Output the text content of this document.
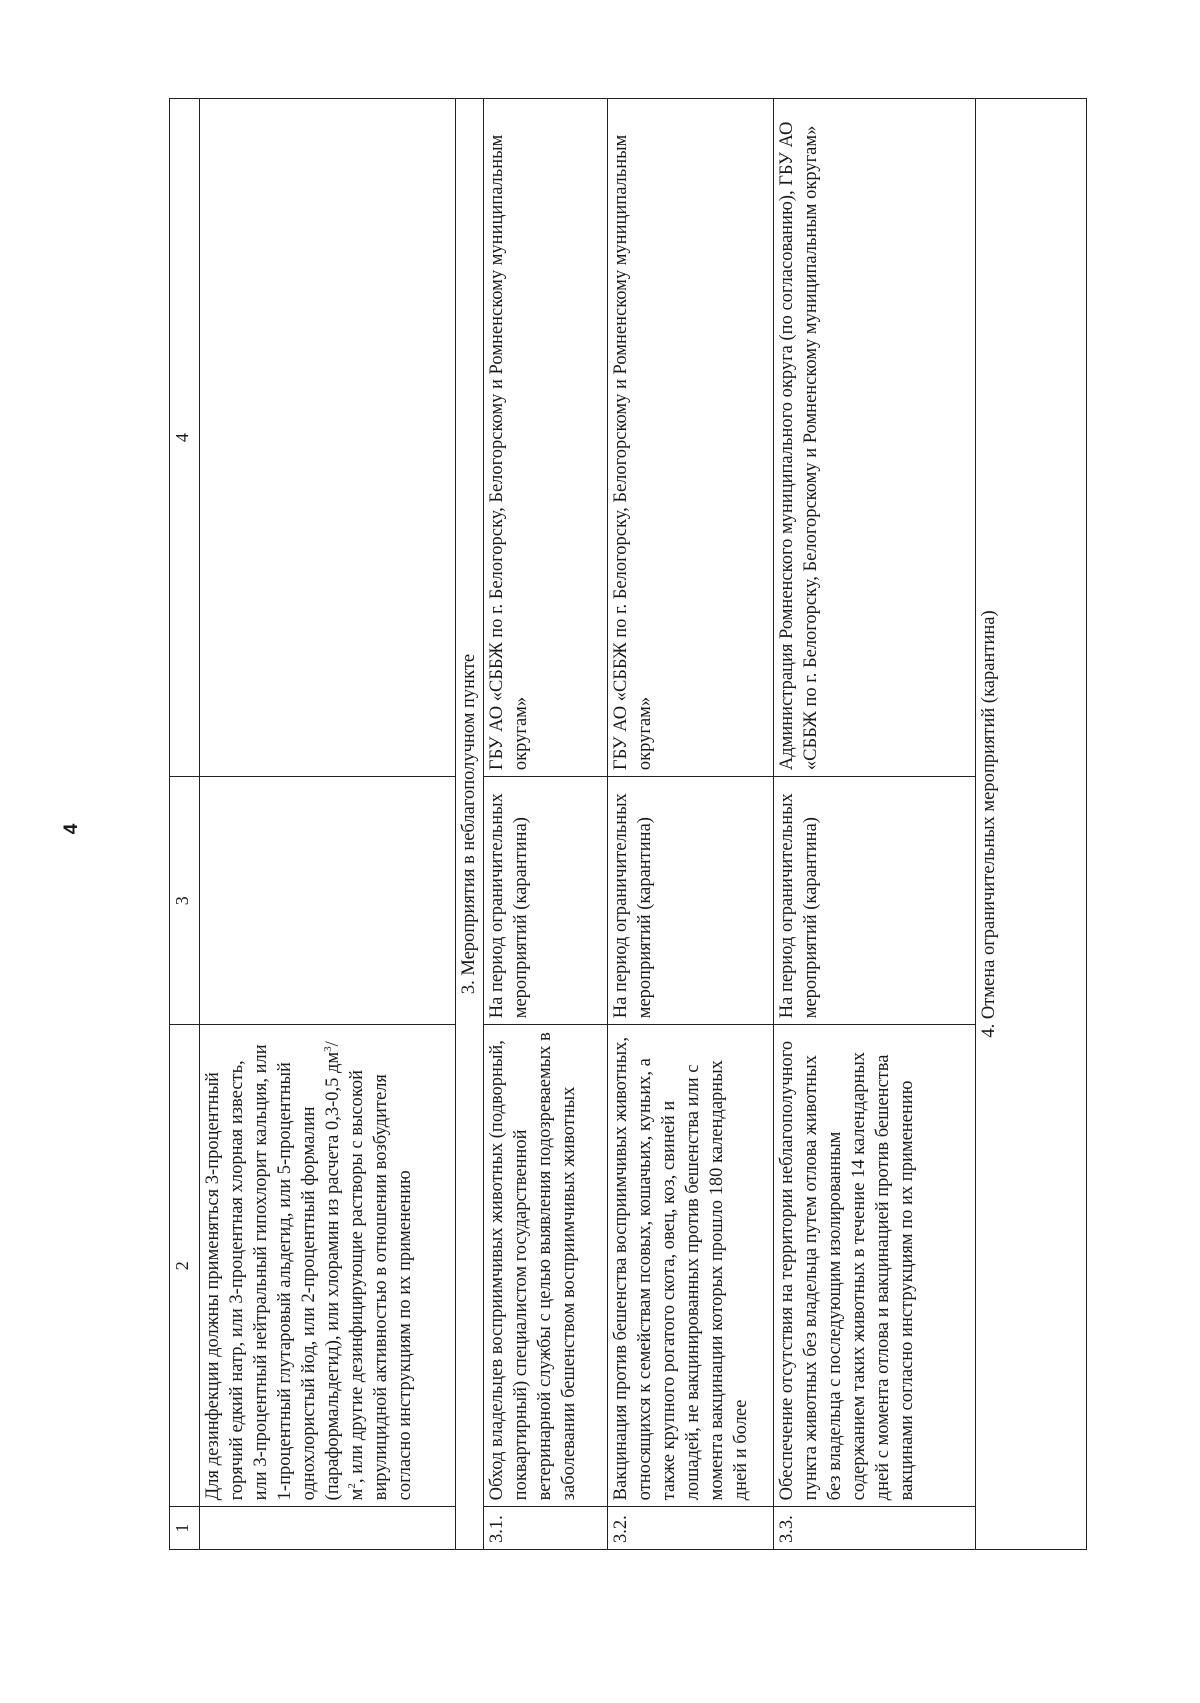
4
1	2	3	4
	Для дезинфекции должны применяться 3-процентный горячий едкий натр, или 3-процентная хлорная известь, или 3-процентный нейтральный гипохлорит кальция, или 1-процентный глутаровый альдегид, или 5-процентный однохлористый йод, или 2-процентный формалин (параформальдегид), или хлорамин из расчета 0,3-0,5 $дм^3/м^2$, или другие дезинфицирующие растворы с высокой вирулицидной активностью в отношении возбудителя согласно инструкциям по их применению		
3. Мероприятия в неблагополучном пункте			
3.1.	Обход владельцев восприимчивых животных (подворный, поквартирный) специалистом государственной ветеринарной службы с целью выявления подозреваемых в заболевании бешенством восприимчивых животных	На период ограничительных мероприятий (карантина)	ГБУ АО «СББЖ по г. Белогорску, Белогорскому и Ромненскому муниципальным округам»
3.2.	Вакцинация против бешенства восприимчивых животных, относящихся к семействам псовых, кошачьих, куньих, а также крупного рогатого скота, овец, коз, свиней и лошадей, не вакцинированных против бешенства или с момента вакцинации которых прошло 180 календарных дней и более	На период ограничительных мероприятий (карантина)	ГБУ АО «СББЖ по г. Белогорску, Белогорскому и Ромненскому муниципальным округам»
3.3.	Обеспечение отсутствия на территории неблагополучного пункта животных без владельца путем отлова животных без владельца с последующим изолированным содержанием таких животных в течение 14 календарных дней с момента отлова и вакцинацией против бешенства вакцинами согласно инструкциям по их применению	На период ограничительных мероприятий (карантина)	Администрация Ромненского муниципального округа (по согласованию), ГБУ АО «СББЖ по г. Белогорску, Белогорскому и Ромненскому муниципальным округам»
4. Отмена ограничительных мероприятий (карантина)			
